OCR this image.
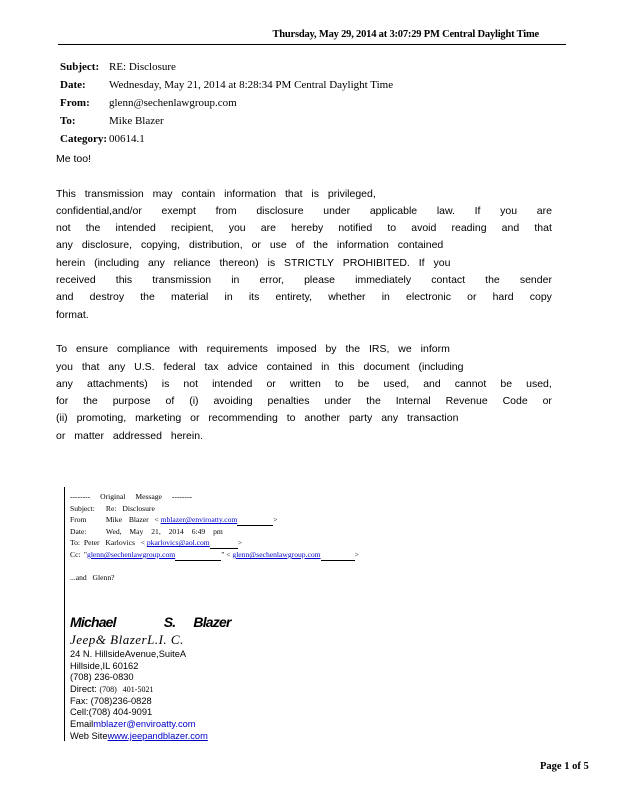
Thursday, May 29, 2014 at 3:07:29 PM Central Daylight Time
Subject: RE: Disclosure
Date:	Wednesday, May 21, 2014 at 8:28:34 PM Central Daylight Time
From:	glenn@sechenlawgroup.com
To:	Mike Blazer
Category: 00614.1

Me too!

This transmission may contain information that is privileged,

confidential,and/or exempt from disclosure under applicable law. If you are

not the intended recipient, you are hereby notified to avoid reading and that

any disclosure, copying, distribution, or use of the information contained

herein (including any reliance thereon) is STRICTLY PROHIBITED. If you

received this transmission in error, please immediately contact the sender

and destroy the material in its entirety, whether in electronic or hard copy

format.

To ensure compliance with requirements imposed by the IRS, we inform

you that any U.S. federal tax advice contained in this document (including

any attachments) is not intended or written to be used, and cannot be used,

for the purpose of (i) avoiding penalties under the Internal Revenue Code or

(ii) promoting, marketing or recommending to another party any transaction

or matter addressed herein.

-------- Original Message --------
Subject: Re: Disclosure
From	Mike Blazer   < mblazer@enviroatty.com	>
Date:	Wed, May 21, 2014 6:49 pm
To: Peter Karlovics   < pkarlovics@aol.com	>
Cc: "glenn@sechenlawgroup.com	" < glenn@sechenlawgroup.com	>
...and Glenn?
Michael	S. Blazer
Jeep& BlazerL.I. C.
24 N. HillsideAvenue,SuiteA
Hillside,IL 60162
(708) 236-0830
Direct: (708) 401-5021
Fax: (708)236-0828
Cell:(708) 404-9091
Emailmblazer@enviroatty.com
Web Sitewww.jeepandblazer.com
Page 1 of 5
